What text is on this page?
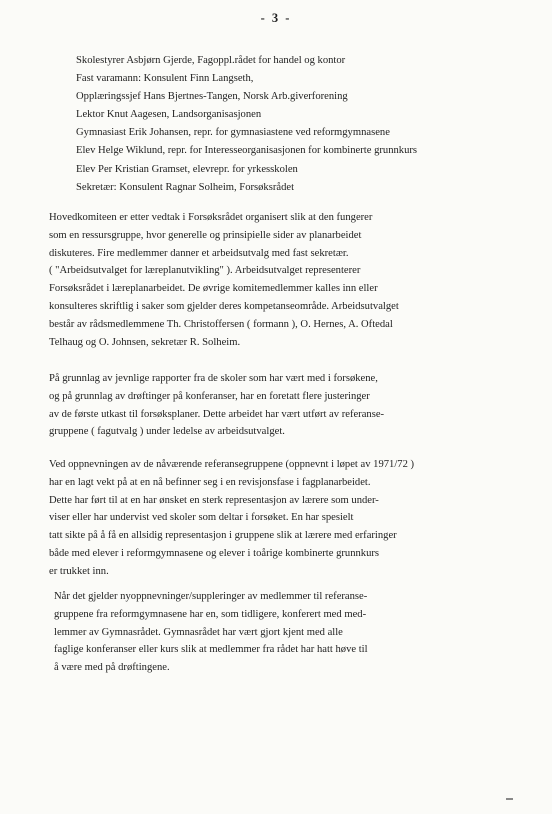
- 3 -
Skolestyrer Asbjørn Gjerde, Fagoppl.rådet for handel og kontor
Fast varamann: Konsulent Finn Langseth,
Opplæringssjef Hans Bjertnes-Tangen, Norsk Arb.giverforening
Lektor Knut Aagesen, Landsorganisasjonen
Gymnasiast Erik Johansen, repr. for gymnasiastene ved reformgymnasene
Elev Helge Wiklund, repr. for Interesseorganisasjonen for kombinerte grunnkurs
Elev Per Kristian Gramset, elevrepr. for yrkesskolen
Sekretær: Konsulent Ragnar Solheim, Forsøksrådet

Hovedkomiteen er etter vedtak i Forsøksrådet organisert slik at den fungerer
som en ressursgruppe, hvor generelle og prinsipielle sider av planarbeidet
diskuteres. Fire medlemmer danner et arbeidsutvalg med fast sekretær.
( "Arbeidsutvalget for læreplanutvikling" ). Arbeidsutvalget representerer
Forsøksrådet i læreplanarbeidet. De øvrige komitemedlemmer kalles inn eller
konsulteres skriftlig i saker som gjelder deres kompetanseområde. Arbeidsutvalget
består av rådsmedlemmene Th. Christoffersen ( formann ), O. Hernes, A. Oftedal
Telhaug og O. Johnsen, sekretær R. Solheim.

På grunnlag av jevnlige rapporter fra de skoler som har vært med i forsøkene,
og på grunnlag av drøftinger på konferanser, har en foretatt flere justeringer
av de første utkast til forsøksplaner. Dette arbeidet har vært utført av referanse-
gruppene ( fagutvalg ) under ledelse av arbeidsutvalget.

Ved oppnevningen av de nåværende referansegruppene (oppnevnt i løpet av 1971/72 )
har en lagt vekt på at en nå befinner seg i en revisjonsfase i fagplanarbeidet.
Dette har ført til at en har ønsket en sterk representasjon av lærere som under-
viser eller har undervist ved skoler som deltar i forsøket. En har spesielt
tatt sikte på å få en allsidig representasjon i gruppene slik at lærere med erfaringer
både med elever i reformgymnasene og elever i toårige kombinerte grunnkurs
er trukket inn.

Når det gjelder nyoppnevninger/suppleringer av medlemmer til referanse-
gruppene fra reformgymnasene har en, som tidligere, konferert med med-
lemmer av Gymnasrådet. Gymnasrådet har vært gjort kjent med alle
faglige konferanser eller kurs slik at medlemmer fra rådet har hatt høve til
å være med på drøftingene.
